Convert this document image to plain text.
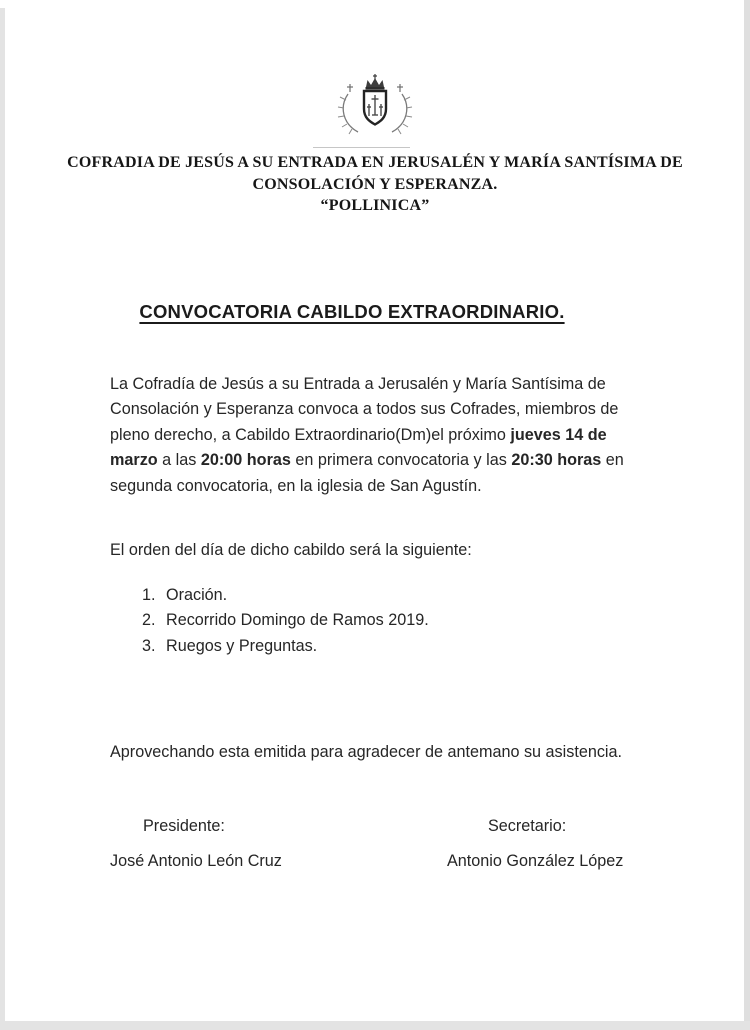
COFRADIA DE JESÚS A SU ENTRADA EN JERUSALÉN Y MARÍA SANTÍSIMA DE
CONSOLACIÓN Y ESPERANZA.
“POLLINICA”
CONVOCATORIA CABILDO EXTRAORDINARIO.
La Cofradía de Jesús a su Entrada a Jerusalén y María Santísima de
Consolación y Esperanza convoca a todos sus Cofrades, miembros de
pleno derecho, a Cabildo Extraordinario(Dm)el próximo jueves 14 de
marzo a las 20:00 horas en primera convocatoria y las 20:30 horas en
segunda convocatoria, en la iglesia de San Agustín.
El orden del día de dicho cabildo será la siguiente:
1. Oración.
2. Recorrido Domingo de Ramos 2019.
3. Ruegos y Preguntas.
Aprovechando esta emitida para agradecer de antemano su asistencia.
Presidente:	Secretario:
José Antonio León Cruz	Antonio González López
